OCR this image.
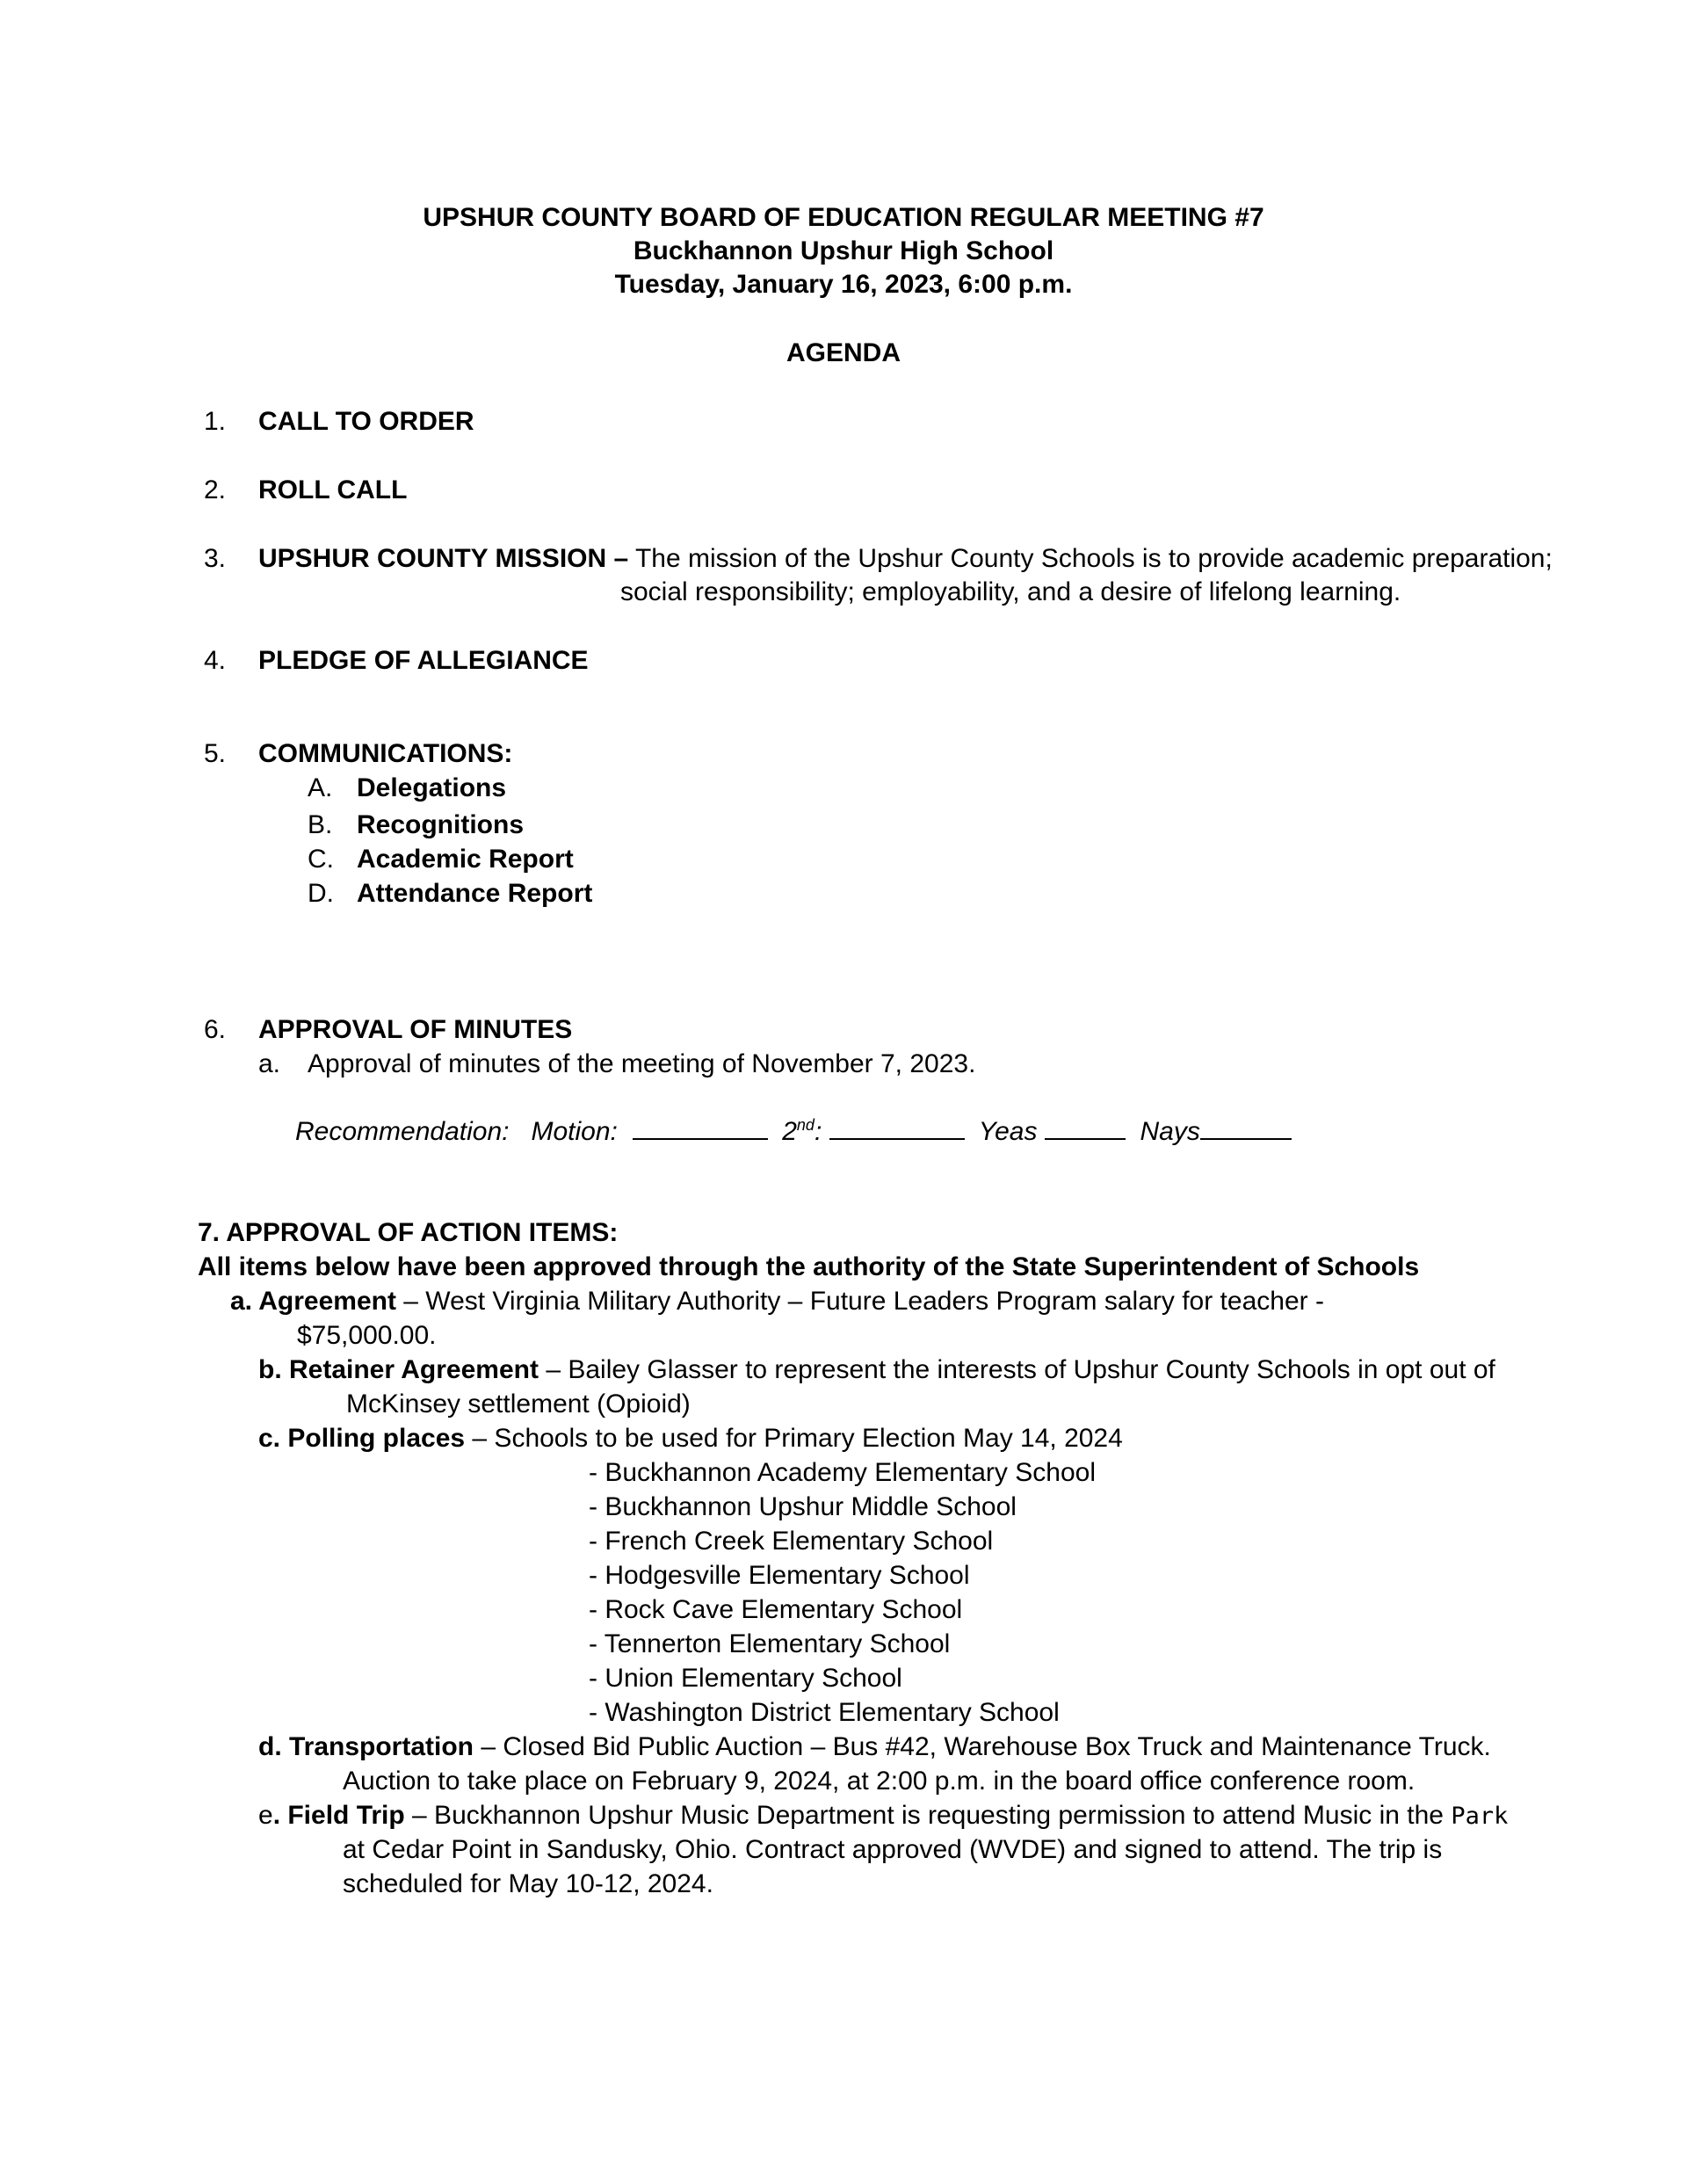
UPSHUR COUNTY BOARD OF EDUCATION REGULAR MEETING #7
Buckhannon Upshur High School
Tuesday, January 16, 2023, 6:00 p.m.
AGENDA
1.	CALL TO ORDER
2.	ROLL CALL
3.	UPSHUR COUNTY MISSION – The mission of the Upshur County Schools is to provide academic preparation;
social responsibility; employability, and a desire of lifelong learning.
4.	PLEDGE OF ALLEGIANCE
5.	COMMUNICATIONS:
A. Delegations
B. Recognitions
C. Academic Report
D. Attendance Report
6.	APPROVAL OF MINUTES
a. Approval of minutes of the meeting of November 7, 2023.
Recommendation: Motion:	2nd:	Yeas	Nays
7. APPROVAL OF ACTION ITEMS:
All items below have been approved through the authority of the State Superintendent of Schools
a. Agreement – West Virginia Military Authority – Future Leaders Program salary for teacher -
$75,000.00.
b. Retainer Agreement – Bailey Glasser to represent the interests of Upshur County Schools in opt out of
McKinsey settlement (Opioid)
c. Polling places – Schools to be used for Primary Election May 14, 2024
- Buckhannon Academy Elementary School
- Buckhannon Upshur Middle School
- French Creek Elementary School
- Hodgesville Elementary School
- Rock Cave Elementary School
- Tennerton Elementary School
- Union Elementary School
- Washington District Elementary School
d. Transportation – Closed Bid Public Auction – Bus #42, Warehouse Box Truck and Maintenance Truck.
Auction to take place on February 9, 2024, at 2:00 p.m. in the board office conference room.
e. Field Trip – Buckhannon Upshur Music Department is requesting permission to attend Music in the Park
at Cedar Point in Sandusky, Ohio. Contract approved (WVDE) and signed to attend. The trip is
scheduled for May 10-12, 2024.
